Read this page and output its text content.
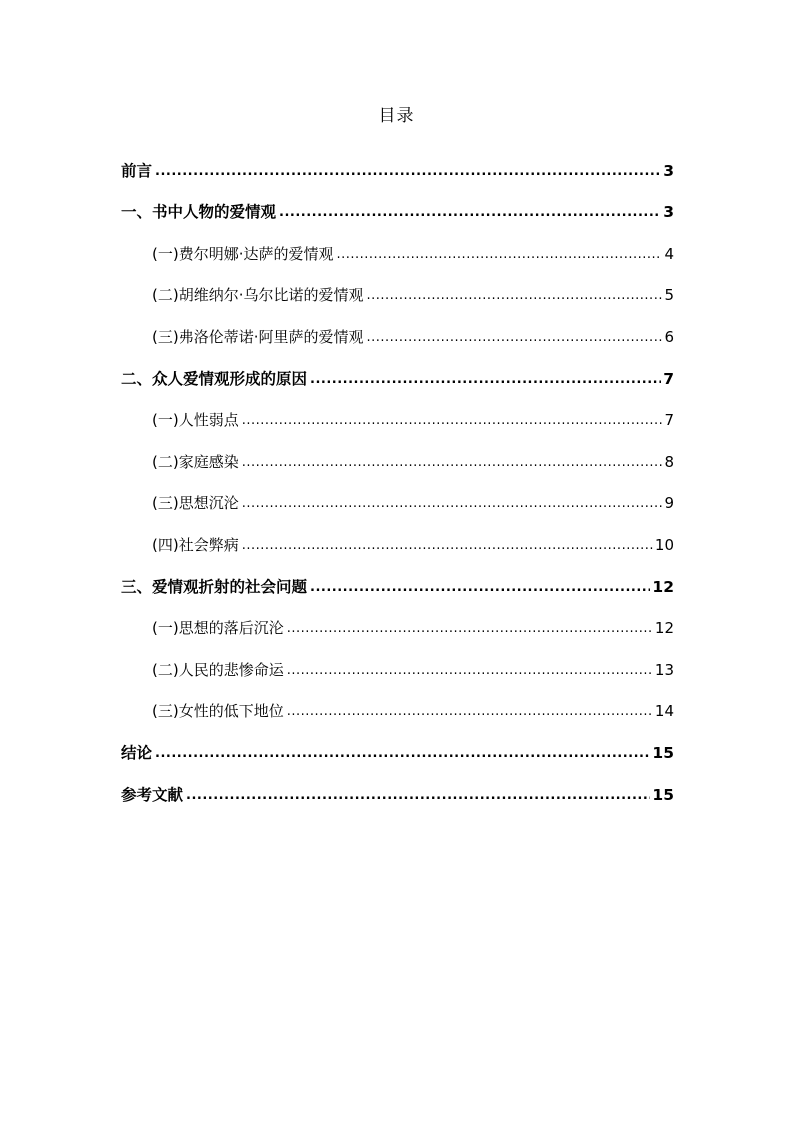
目录
前言 .....	3
一、书中人物的爱情观 .....	3
(一)费尔明娜·达萨的爱情观 .....	4
(二)胡维纳尔·乌尔比诺的爱情观 .....	5
(三)弗洛伦蒂诺·阿里萨的爱情观 .....	6
二、众人爱情观形成的原因 .....	7
(一)人性弱点 .....	7
(二)家庭感染 .....	8
(三)思想沉沦 .....	9
(四)社会弊病 .....	10
三、爱情观折射的社会问题 .....	12
(一)思想的落后沉沦 .....	12
(二)人民的悲惨命运 .....	13
(三)女性的低下地位 .....	14
结论 .....	15
参考文献 .....	15
